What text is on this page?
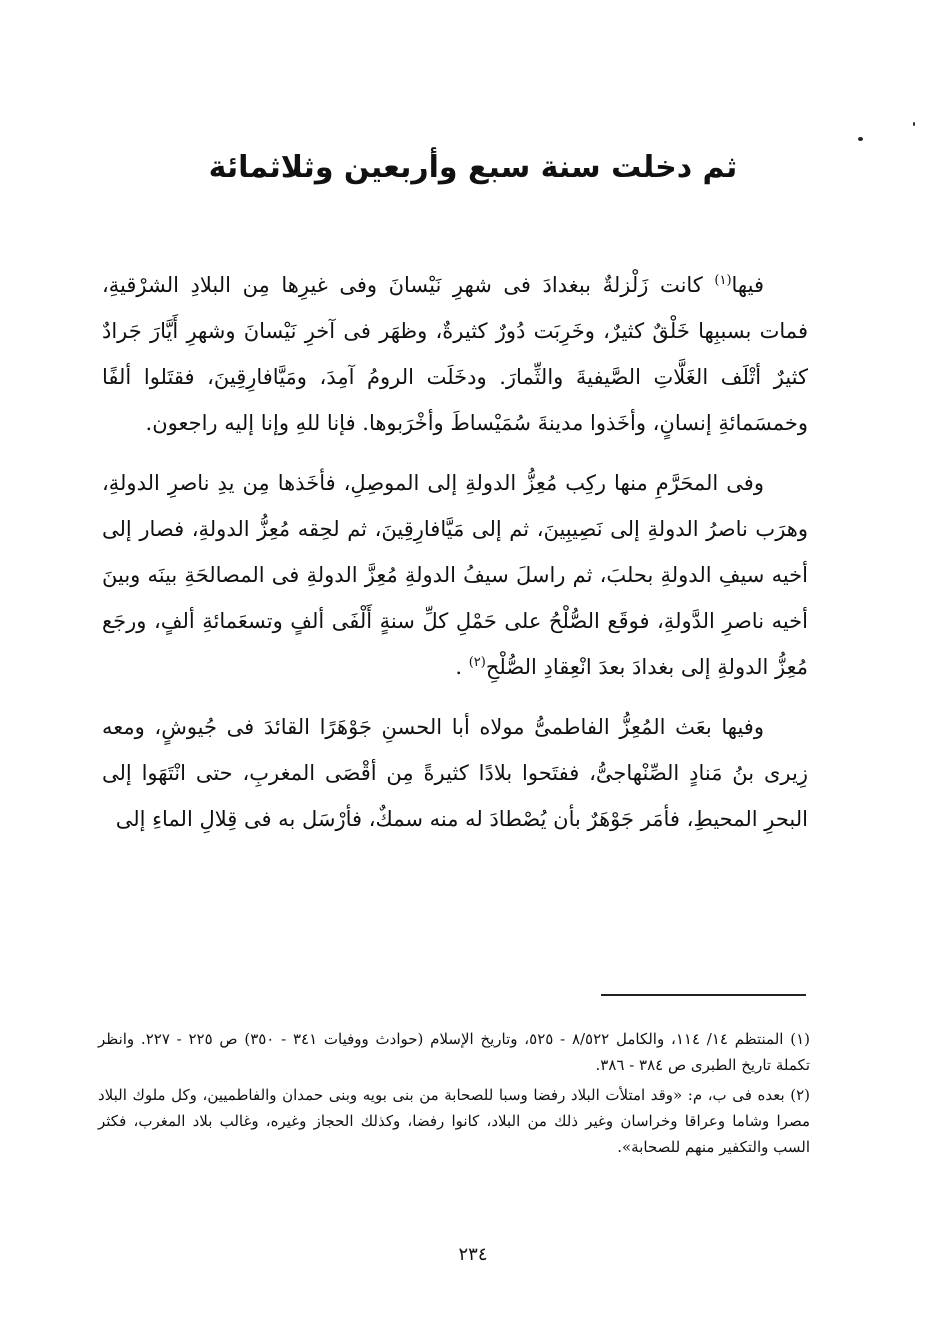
ثم دخلت سنة سبع وأربعين وثلاثمائة

فيها$^{(١)}$ كانت زَلْزلةٌ ببغدادَ فى شهرِ نَيْسانَ وفى غيرِها مِن البلادِ الشرْقيةِ، فمات بسببِها خَلْقٌ كثيرٌ، وخَرِبَت دُورٌ كثيرةٌ، وظهَر فى آخرِ نَيْسانَ وشهرِ أَيَّارَ جَرادٌ كثيرٌ أتْلَف الغَلَّاتِ الصَّيفيةَ والثِّمارَ. ودخَلَت الرومُ آمِدَ، ومَيَّافارِقِينَ، فقتَلوا ألفًا وخمسَمائةِ إنسانٍ، وأخَذوا مدينةَ سُمَيْساطَ وأخْرَبوها. فإنا للهِ وإنا إليه راجعون.

وفى المحَرَّمِ منها ركِب مُعِزُّ الدولةِ إلى الموصِلِ، فأخَذها مِن يدِ ناصرِ الدولةِ، وهرَب ناصرُ الدولةِ إلى نَصِيبِينَ، ثم إلى مَيَّافارِقِينَ، ثم لحِقه مُعِزُّ الدولةِ، فصار إلى أخيه سيفِ الدولةِ بحلبَ، ثم راسلَ سيفُ الدولةِ مُعِزَّ الدولةِ فى المصالحَةِ بينَه وبينَ أخيه ناصرِ الدَّولةِ، فوقَع الصُّلْحُ على حَمْلِ كلِّ سنةٍ أَلْفَى ألفٍ وتسعَمائةِ ألفٍ، ورجَع مُعِزُّ الدولةِ إلى بغدادَ بعدَ انْعِقادِ الصُّلْحِ$^{(٢)}$ .

وفيها بعَث المُعِزُّ الفاطمىُّ مولاه أبا الحسنِ جَوْهَرًا القائدَ فى جُيوشٍ، ومعه زِيرى بنُ مَنادٍ الصِّنْهاجىُّ، ففتَحوا بلادًا كثيرةً مِن أقْصَى المغربِ، حتى انْتَهَوا إلى البحرِ المحيطِ، فأمَر جَوْهَرٌ بأن يُصْطادَ له منه سمكٌ، فأرْسَل به فى قِلالِ الماءِ إلى

(١) المنتظم ١٤/ ١١٤، والكامل ٨/٥٢٢ - ٥٢٥، وتاريخ الإسلام (حوادث ووفيات ٣٤١ - ٣٥٠) ص ٢٢٥ - ٢٢٧. وانظر تكملة تاريخ الطبرى ص ٣٨٤ - ٣٨٦.

(٢) بعده فى ب، م: «وقد امتلأت البلاد رفضا وسبا للصحابة من بنى بويه وبنى حمدان والفاطميين، وكل ملوك البلاد مصرا وشاما وعراقا وخراسان وغير ذلك من البلاد، كانوا رفضا، وكذلك الحجاز وغيره، وغالب بلاد المغرب، فكثر السب والتكفير منهم للصحابة».

٢٣٤
